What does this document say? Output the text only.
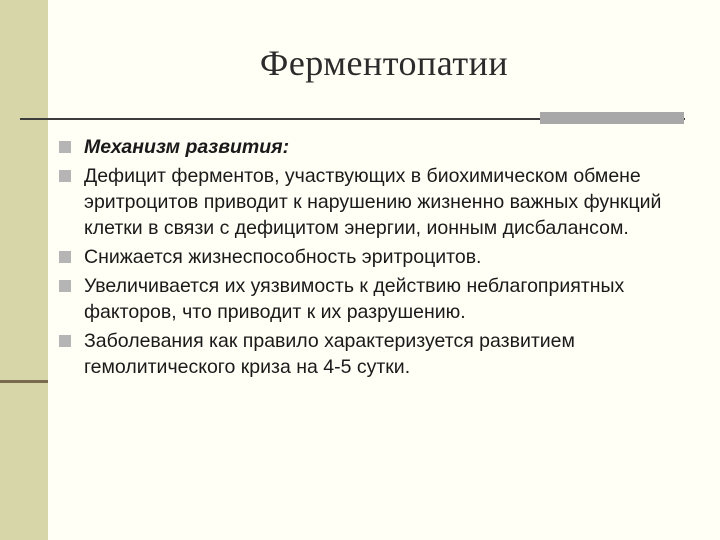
Ферментопатии
Механизм развития:
Дефицит ферментов, участвующих в биохимическом обмене эритроцитов приводит к нарушению жизненно важных функций клетки в связи с дефицитом энергии, ионным дисбалансом.
Снижается жизнеспособность эритроцитов.
Увеличивается их уязвимость к действию неблагоприятных факторов, что приводит к их разрушению.
Заболевания как правило характеризуется развитием гемолитического криза на 4-5 сутки.
